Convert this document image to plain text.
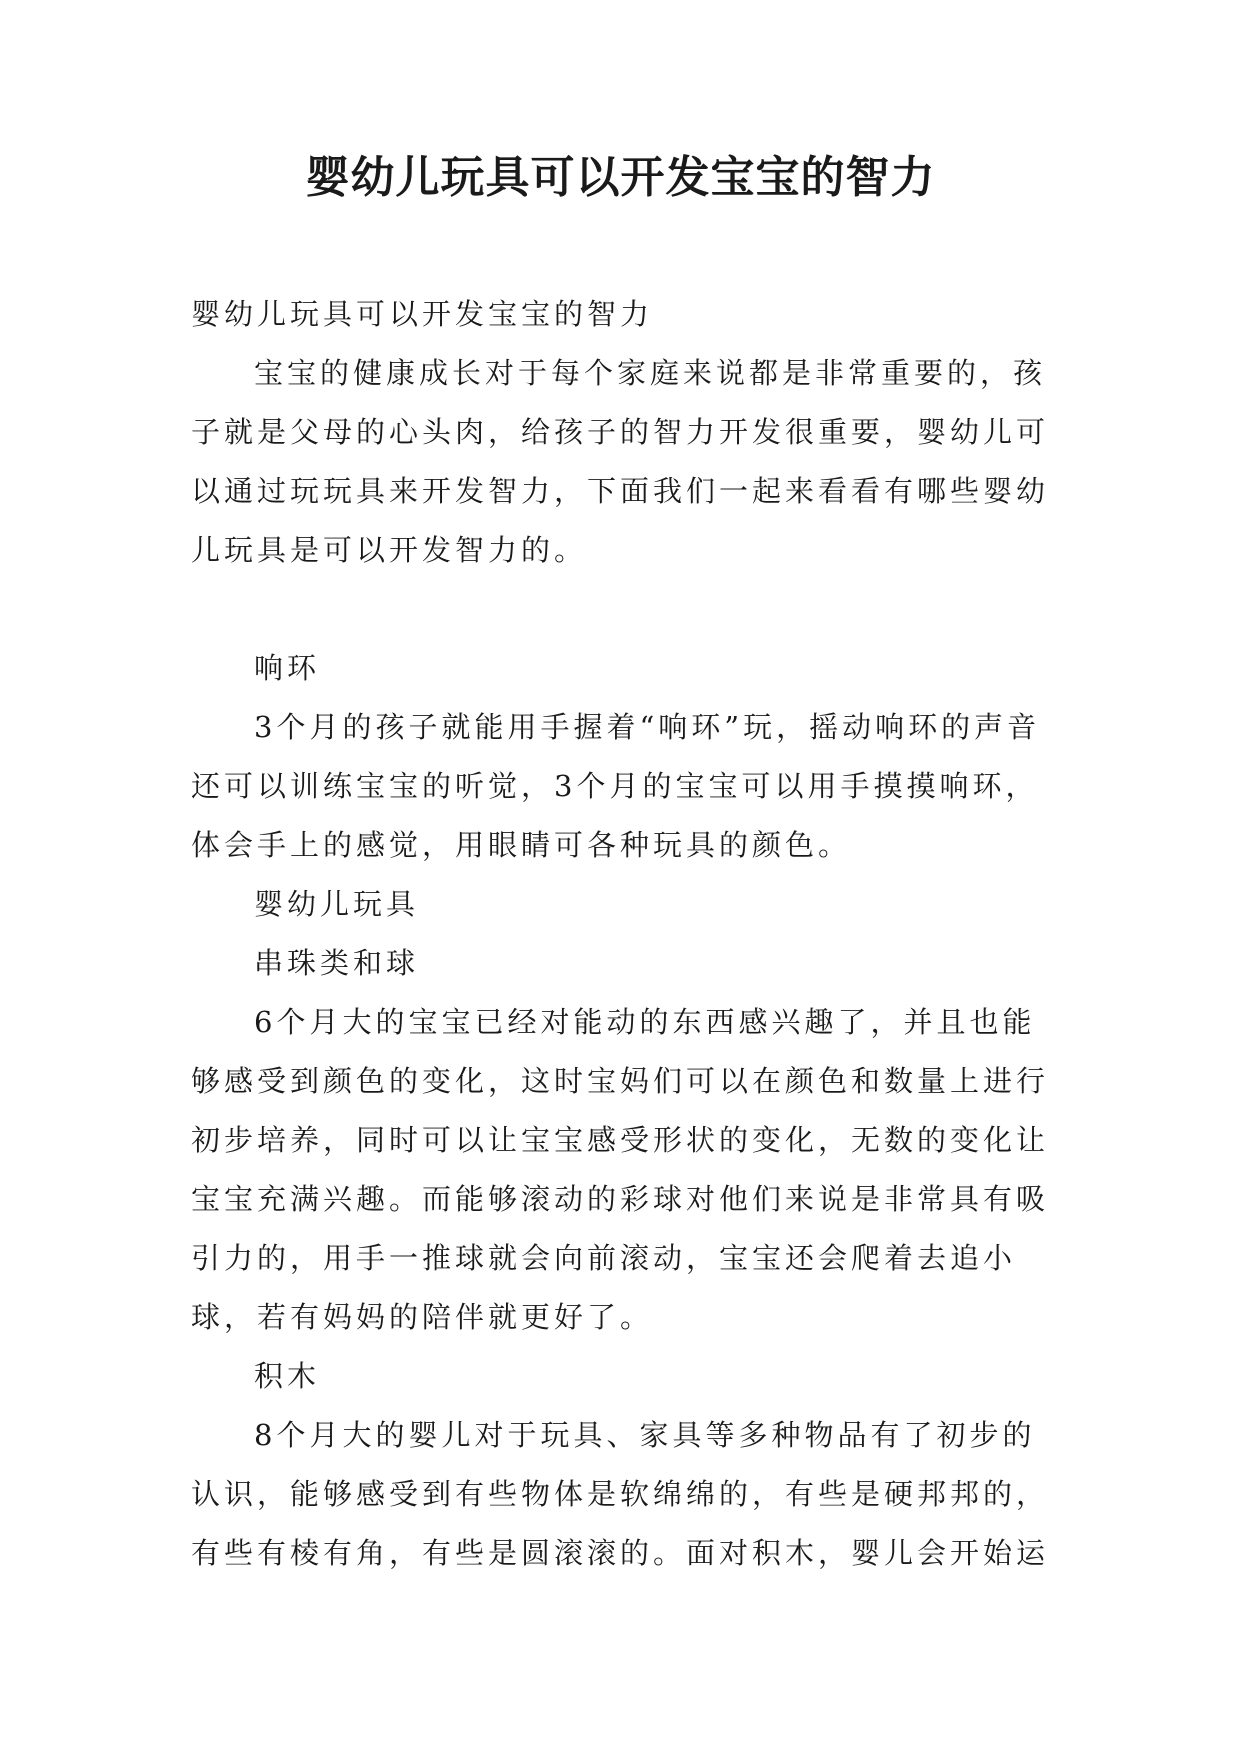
婴幼儿玩具可以开发宝宝的智力

婴幼儿玩具可以开发宝宝的智力

宝宝的健康成长对于每个家庭来说都是非常重要的，孩子就是父母的心头肉，给孩子的智力开发很重要，婴幼儿可以通过玩玩具来开发智力，下面我们一起来看看有哪些婴幼儿玩具是可以开发智力的。

响环

3个月的孩子就能用手握着“响环”玩，摇动响环的声音还可以训练宝宝的听觉，3个月的宝宝可以用手摸摸响环，体会手上的感觉，用眼睛可各种玩具的颜色。

婴幼儿玩具

串珠类和球

6个月大的宝宝已经对能动的东西感兴趣了，并且也能够感受到颜色的变化，这时宝妈们可以在颜色和数量上进行初步培养，同时可以让宝宝感受形状的变化，无数的变化让宝宝充满兴趣。而能够滚动的彩球对他们来说是非常具有吸引力的，用手一推球就会向前滚动，宝宝还会爬着去追小球，若有妈妈的陪伴就更好了。

积木

8个月大的婴儿对于玩具、家具等多种物品有了初步的认识，能够感受到有些物体是软绵绵的，有些是硬邦邦的，有些有棱有角，有些是圆滚滚的。面对积木，婴儿会开始运
